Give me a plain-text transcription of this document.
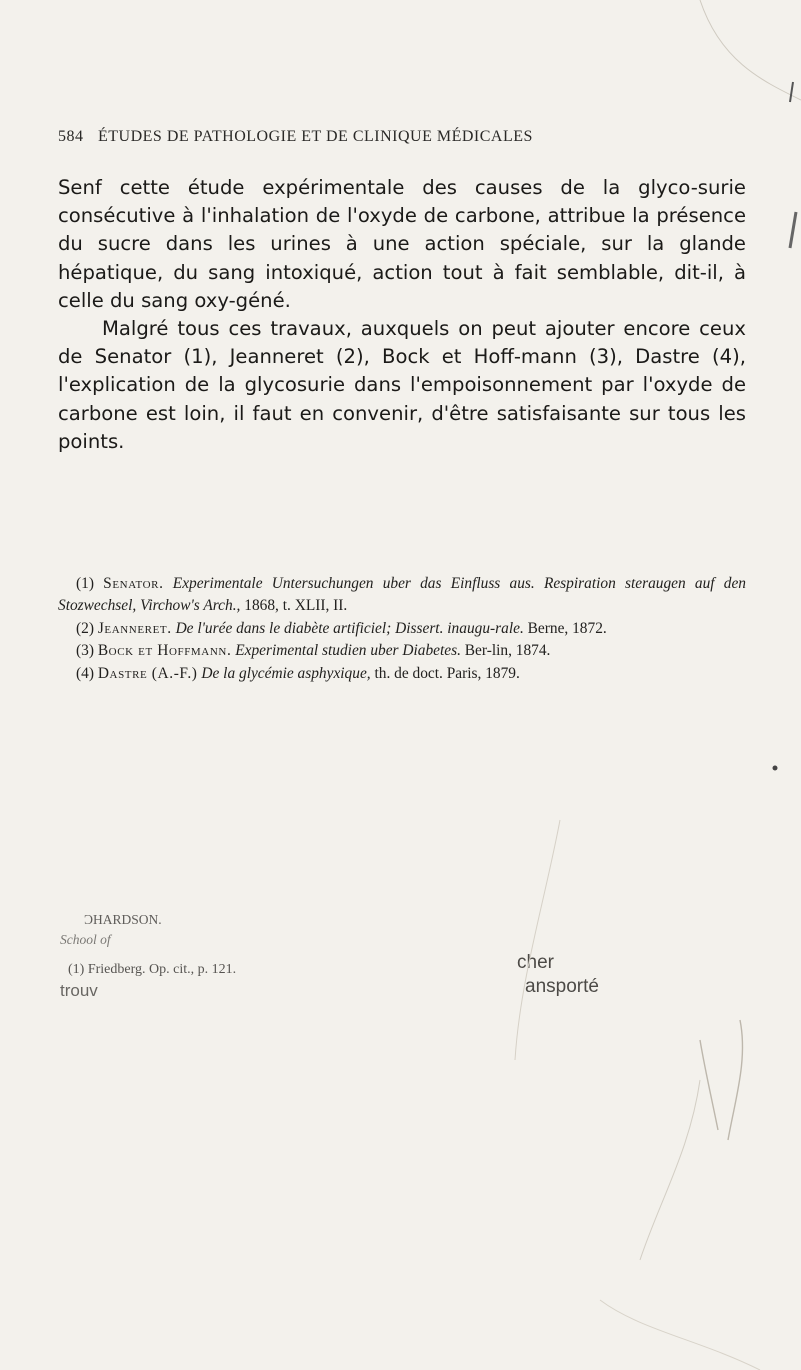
584 ÉTUDES DE PATHOLOGIE ET DE CLINIQUE MÉDICALES

Senf cette étude expérimentale des causes de la glyco-surie consécutive à l'inhalation de l'oxyde de carbone, attribue la présence du sucre dans les urines à une action spéciale, sur la glande hépatique, du sang intoxiqué, action tout à fait semblable, dit-il, à celle du sang oxy-géné.

Malgré tous ces travaux, auxquels on peut ajouter encore ceux de Senator (1), Jeanneret (2), Bock et Hoff-mann (3), Dastre (4), l'explication de la glycosurie dans l'empoisonnement par l'oxyde de carbone est loin, il faut en convenir, d'être satisfaisante sur tous les points.

(1) Senator. Experimentale Untersuchungen uber das Einfluss aus. Respiration steraugen auf den Stozwechsel, Virchow's Arch., 1868, t. XLII, II.

(2) Jeanneret. De l'urée dans le diabète artificiel; Dissert. inaugu-rale. Berne, 1872.

(3) Bock et Hoffmann. Experimental studien uber Diabetes. Ber-lin, 1874.

(4) Dastre (A.-F.) De la glycémie asphyxique, th. de doct. Paris, 1879.

ƆHARDSON.
School of
(1) Friedberg. Op. cit., p. 121.
trouv
cher
ansporté
